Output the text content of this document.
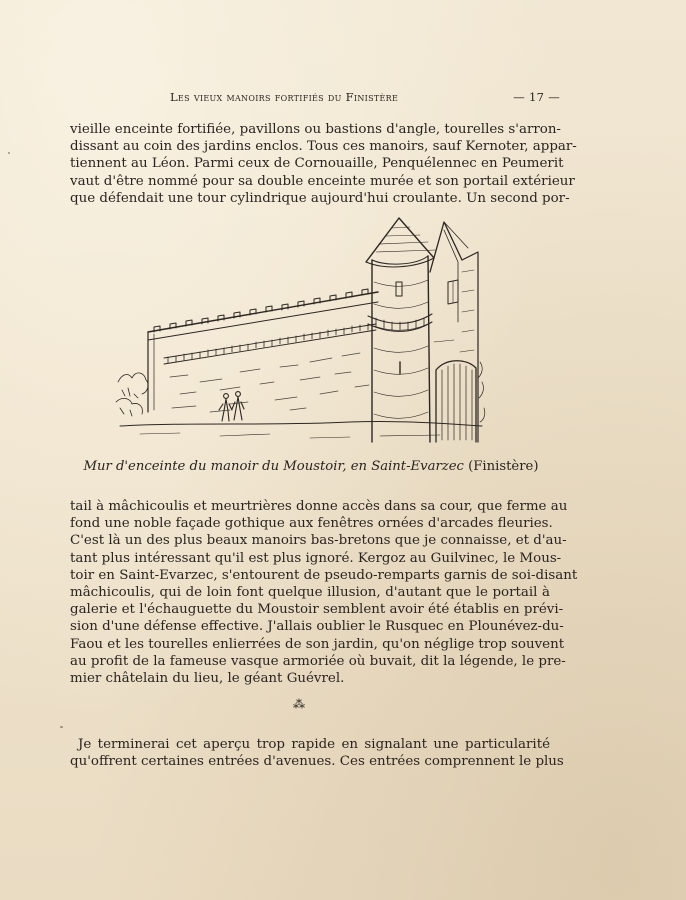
Les vieux manoirs fortifiés du Finistère	— 17 —

vieille enceinte fortifiée, pavillons ou bastions d'angle, tourelles s'arron-
dissant au coin des jardins enclos. Tous ces manoirs, sauf Kernoter, appar-
tiennent au Léon. Parmi ceux de Cornouaille, Penquélennec en Peumerit
vaut d'être nommé pour sa double enceinte murée et son portail extérieur
que défendait une tour cylindrique aujourd'hui croulante. Un second por-

Mur d'enceinte du manoir du Moustoir, en Saint-Evarzec (Finistère)

tail à mâchicoulis et meurtrières donne accès dans sa cour, que ferme au
fond une noble façade gothique aux fenêtres ornées d'arcades fleuries.
C'est là un des plus beaux manoirs bas-bretons que je connaisse, et d'au-
tant plus intéressant qu'il est plus ignoré. Kergoz au Guilvinec, le Mous-
toir en Saint-Evarzec, s'entourent de pseudo-remparts garnis de soi-disant
mâchicoulis, qui de loin font quelque illusion, d'autant que le portail à
galerie et l'échauguette du Moustoir semblent avoir été établis en prévi-
sion d'une défense effective. J'allais oublier le Rusquec en Plounévez-du-
Faou et les tourelles enlierrées de son jardin, qu'on néglige trop souvent
au profit de la fameuse vasque armoriée où buvait, dit la légende, le pre-
mier châtelain du lieu, le géant Guévrel.

⁂

Je terminerai cet aperçu trop rapide en signalant une particularité
qu'offrent certaines entrées d'avenues. Ces entrées comprennent le plus
